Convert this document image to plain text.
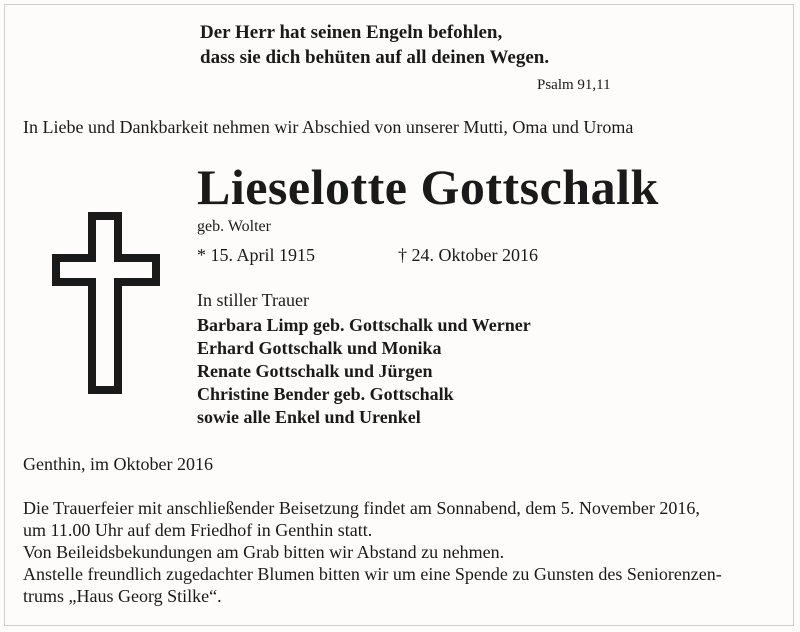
Der Herr hat seinen Engeln befohlen,
dass sie dich behüten auf all deinen Wegen.
Psalm 91,11
In Liebe und Dankbarkeit nehmen wir Abschied von unserer Mutti, Oma und Uroma
Lieselotte Gottschalk
geb. Wolter
* 15. April 1915	† 24. Oktober 2016
In stiller Trauer
Barbara Limp geb. Gottschalk und Werner
Erhard Gottschalk und Monika
Renate Gottschalk und Jürgen
Christine Bender geb. Gottschalk
sowie alle Enkel und Urenkel
Genthin, im Oktober 2016
Die Trauerfeier mit anschließender Beisetzung findet am Sonnabend, dem 5. November 2016,
um 11.00 Uhr auf dem Friedhof in Genthin statt.
Von Beileidsbekundungen am Grab bitten wir Abstand zu nehmen.
Anstelle freundlich zugedachter Blumen bitten wir um eine Spende zu Gunsten des Seniorenzen-
trums „Haus Georg Stilke“.
